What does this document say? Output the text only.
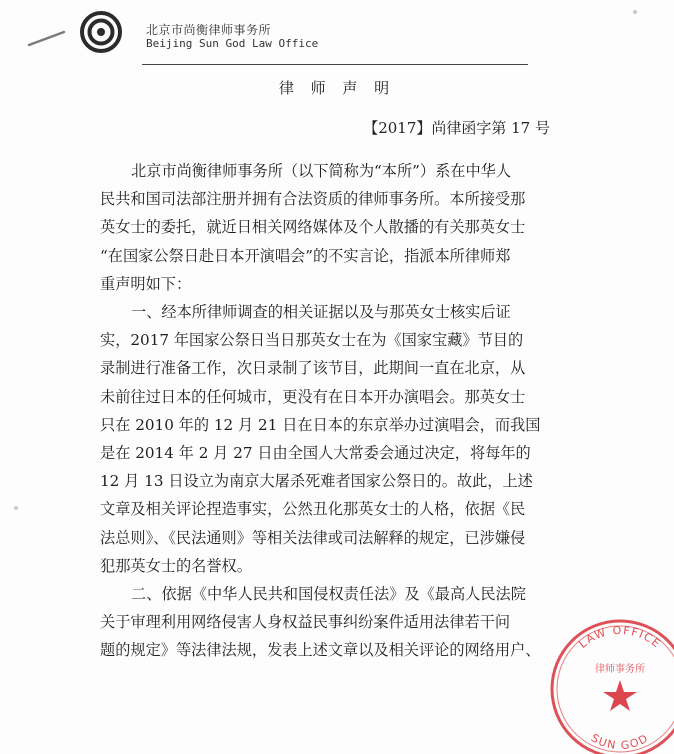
北京市尚衡律师事务所
Beijing Sun God Law Office
律 师 声 明
【2017】尚律函字第 17 号
北京市尚衡律师事务所（以下简称为“本所”）系在中华人
民共和国司法部注册并拥有合法资质的律师事务所。本所接受那
英女士的委托，就近日相关网络媒体及个人散播的有关那英女士
“在国家公祭日赴日本开演唱会”的不实言论，指派本所律师郑
重声明如下：
一、经本所律师调查的相关证据以及与那英女士核实后证
实，2017 年国家公祭日当日那英女士在为《国家宝藏》节目的
录制进行准备工作，次日录制了该节目，此期间一直在北京，从
未前往过日本的任何城市，更没有在日本开办演唱会。那英女士
只在 2010 年的 12 月 21 日在日本的东京举办过演唱会，而我国
是在 2014 年 2 月 27 日由全国人大常委会通过决定，将每年的
12 月 13 日设立为南京大屠杀死难者国家公祭日的。故此，上述
文章及相关评论捏造事实，公然丑化那英女士的人格，依据《民
法总则》、《民法通则》等相关法律或司法解释的规定，已涉嫌侵
犯那英女士的名誉权。
二、依据《中华人民共和国侵权责任法》及《最高人民法院
关于审理利用网络侵害人身权益民事纠纷案件适用法律若干问
题的规定》等法律法规，发表上述文章以及相关评论的网络用户、	LAW OFFICE
SUN GOD
律师事务所
